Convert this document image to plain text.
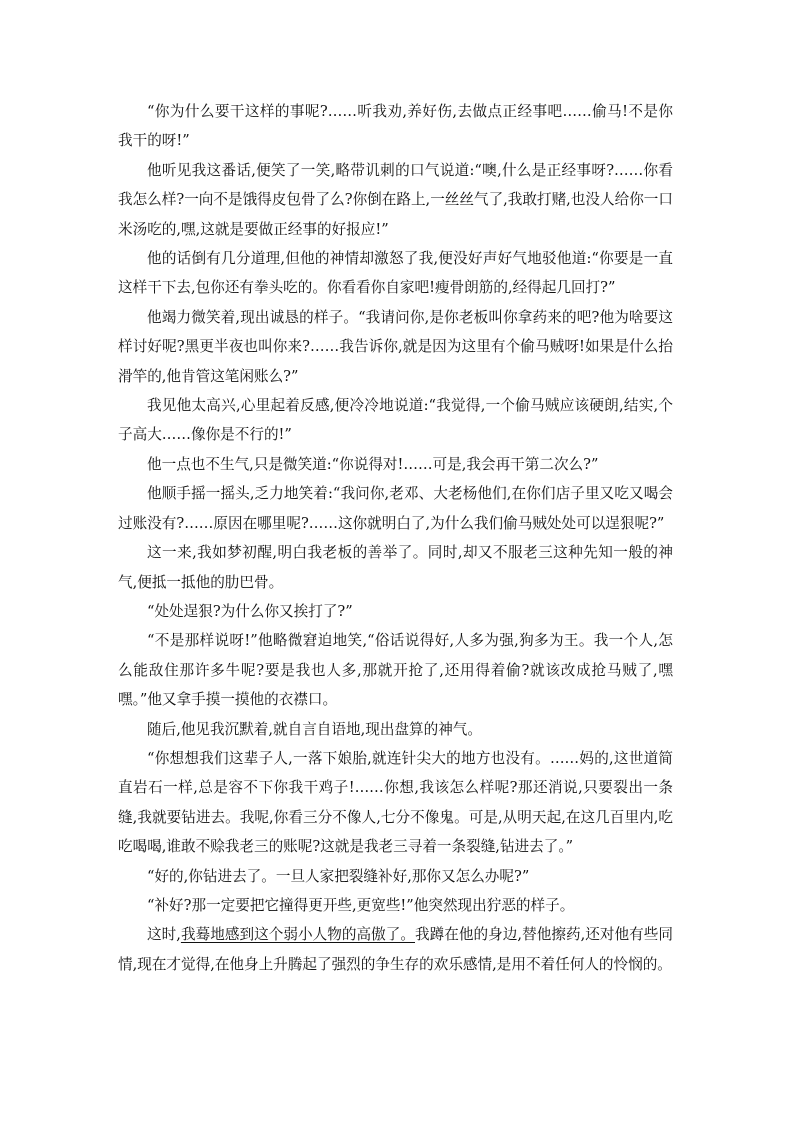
“你为什么要干这样的事呢?……听我劝,养好伤,去做点正经事吧……偷马!不是你我干的呀!”

他听见我这番话,便笑了一笑,略带讥刺的口气说道:“噢,什么是正经事呀?……你看我怎么样?一向不是饿得皮包骨了么?你倒在路上,一丝丝气了,我敢打赌,也没人给你一口米汤吃的,嘿,这就是要做正经事的好报应!”

他的话倒有几分道理,但他的神情却激怒了我,便没好声好气地驳他道:“你要是一直这样干下去,包你还有拳头吃的。你看看你自家吧!瘦骨朗筋的,经得起几回打?”

他竭力微笑着,现出诚恳的样子。“我请问你,是你老板叫你拿药来的吧?他为啥要这样讨好呢?黑更半夜也叫你来?……我告诉你,就是因为这里有个偷马贼呀!如果是什么抬滑竿的,他肯管这笔闲账么?”

我见他太高兴,心里起着反感,便冷冷地说道:“我觉得,一个偷马贼应该硬朗,结实,个子高大……像你是不行的!”

他一点也不生气,只是微笑道:“你说得对!……可是,我会再干第二次么?”

他顺手摇一摇头,乏力地笑着:“我问你,老邓、大老杨他们,在你们店子里又吃又喝会过账没有?……原因在哪里呢?……这你就明白了,为什么我们偷马贼处处可以逞狠呢?”

这一来,我如梦初醒,明白我老板的善举了。同时,却又不服老三这种先知一般的神气,便抵一抵他的肋巴骨。

“处处逞狠?为什么你又挨打了?”

“不是那样说呀!”他略微窘迫地笑,“俗话说得好,人多为强,狗多为王。我一个人,怎么能敌住那许多牛呢?要是我也人多,那就开抢了,还用得着偷?就该改成抢马贼了,嘿嘿。”他又拿手摸一摸他的衣襟口。

随后,他见我沉默着,就自言自语地,现出盘算的神气。

“你想想我们这辈子人,一落下娘胎,就连针尖大的地方也没有。……妈的,这世道简直岩石一样,总是容不下你我干鸡子!……你想,我该怎么样呢?那还消说,只要裂出一条缝,我就要钻进去。我呢,你看三分不像人,七分不像鬼。可是,从明天起,在这几百里内,吃吃喝喝,谁敢不赊我老三的账呢?这就是我老三寻着一条裂缝,钻进去了。”

“好的,你钻进去了。一旦人家把裂缝补好,那你又怎么办呢?”

“补好?那一定要把它撞得更开些,更宽些!”他突然现出狞恶的样子。

这时,我蓦地感到这个弱小人物的高傲了。我蹲在他的身边,替他擦药,还对他有些同情,现在才觉得,在他身上升腾起了强烈的争生存的欢乐感情,是用不着任何人的怜悯的。
